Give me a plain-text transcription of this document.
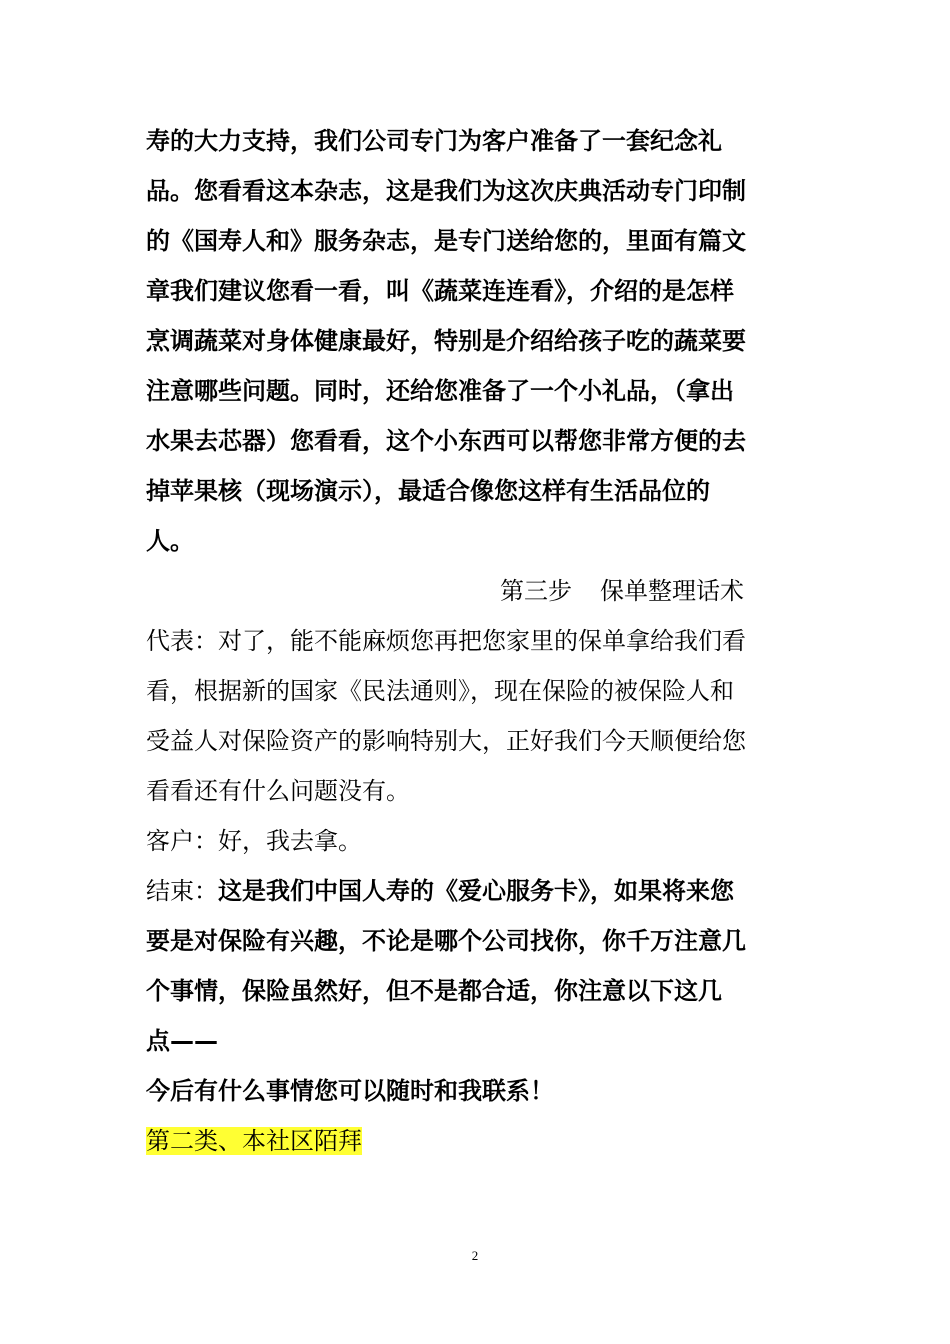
寿的大力支持，我们公司专门为客户准备了一套纪念礼
品。您看看这本杂志，这是我们为这次庆典活动专门印制
的《国寿人和》服务杂志，是专门送给您的，里面有篇文
章我们建议您看一看，叫《蔬菜连连看》，介绍的是怎样
烹调蔬菜对身体健康最好，特别是介绍给孩子吃的蔬菜要
注意哪些问题。同时，还给您准备了一个小礼品，（拿出
水果去芯器）您看看，这个小东西可以帮您非常方便的去
掉苹果核（现场演示），最适合像您这样有生活品位的
人。
第三步 保单整理话术
代表：对了，能不能麻烦您再把您家里的保单拿给我们看
看，根据新的国家《民法通则》，现在保险的被保险人和
受益人对保险资产的影响特别大，正好我们今天顺便给您
看看还有什么问题没有。
客户：好，我去拿。
结束：这是我们中国人寿的《爱心服务卡》，如果将来您
要是对保险有兴趣，不论是哪个公司找你，你千万注意几
个事情，保险虽然好，但不是都合适，你注意以下这几
点——
今后有什么事情您可以随时和我联系！
第二类、本社区陌拜
2
